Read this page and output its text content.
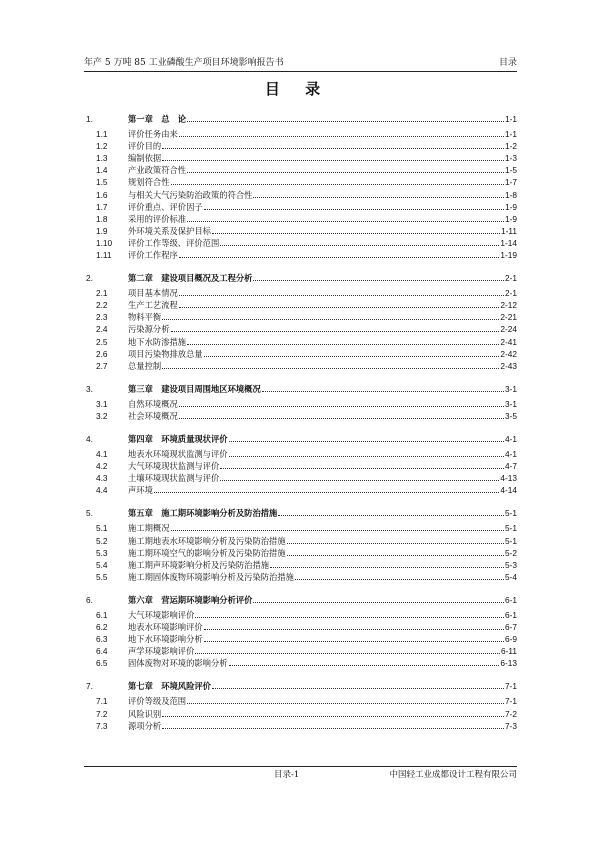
年产 5 万吨 85 工业磷酸生产项目环境影响报告书	目录
目 录
1.	第一章　总　论	1-1
1.1	评价任务由来	1-1
1.2	评价目的	1-2
1.3	编制依据	1-3
1.4	产业政策符合性	1-5
1.5	规划符合性	1-7
1.6	与相关大气污染防治政策的符合性	1-8
1.7	评价重点、评价因子	1-9
1.8	采用的评价标准	1-9
1.9	外环境关系及保护目标	1-11
1.10	评价工作等级、评价范围	1-14
1.11	评价工作程序	1-19
2.	第二章　建设项目概况及工程分析	2-1
2.1	项目基本情况	2-1
2.2	生产工艺流程	2-12
2.3	物料平衡	2-21
2.4	污染源分析	2-24
2.5	地下水防渗措施	2-41
2.6	项目污染物排放总量	2-42
2.7	总量控制	2-43
3.	第三章　建设项目周围地区环境概况	3-1
3.1	自然环境概况	3-1
3.2	社会环境概况	3-5
4.	第四章　环境质量现状评价	4-1
4.1	地表水环境现状监测与评价	4-1
4.2	大气环境现状监测与评价	4-7
4.3	土壤环境现状监测与评价	4-13
4.4	声环境	4-14
5.	第五章　施工期环境影响分析及防治措施	5-1
5.1	施工期概况	5-1
5.2	施工期地表水环境影响分析及污染防治措施	5-1
5.3	施工期环境空气的影响分析及污染防治措施	5-2
5.4	施工期声环境影响分析及污染防治措施	5-3
5.5	施工期固体废物环境影响分析及污染防治措施	5-4
6.	第六章　营运期环境影响分析评价	6-1
6.1	大气环境影响评价	6-1
6.2	地表水环境影响评价	6-7
6.3	地下水环境影响分析	6-9
6.4	声学环境影响评价	6-11
6.5	固体废物对环境的影响分析	6-13
7.	第七章　环境风险评价	7-1
7.1	评价等级及范围	7-1
7.2	风险识别	7-2
7.3	源项分析	7-3
目录-1	中国轻工业成都设计工程有限公司
